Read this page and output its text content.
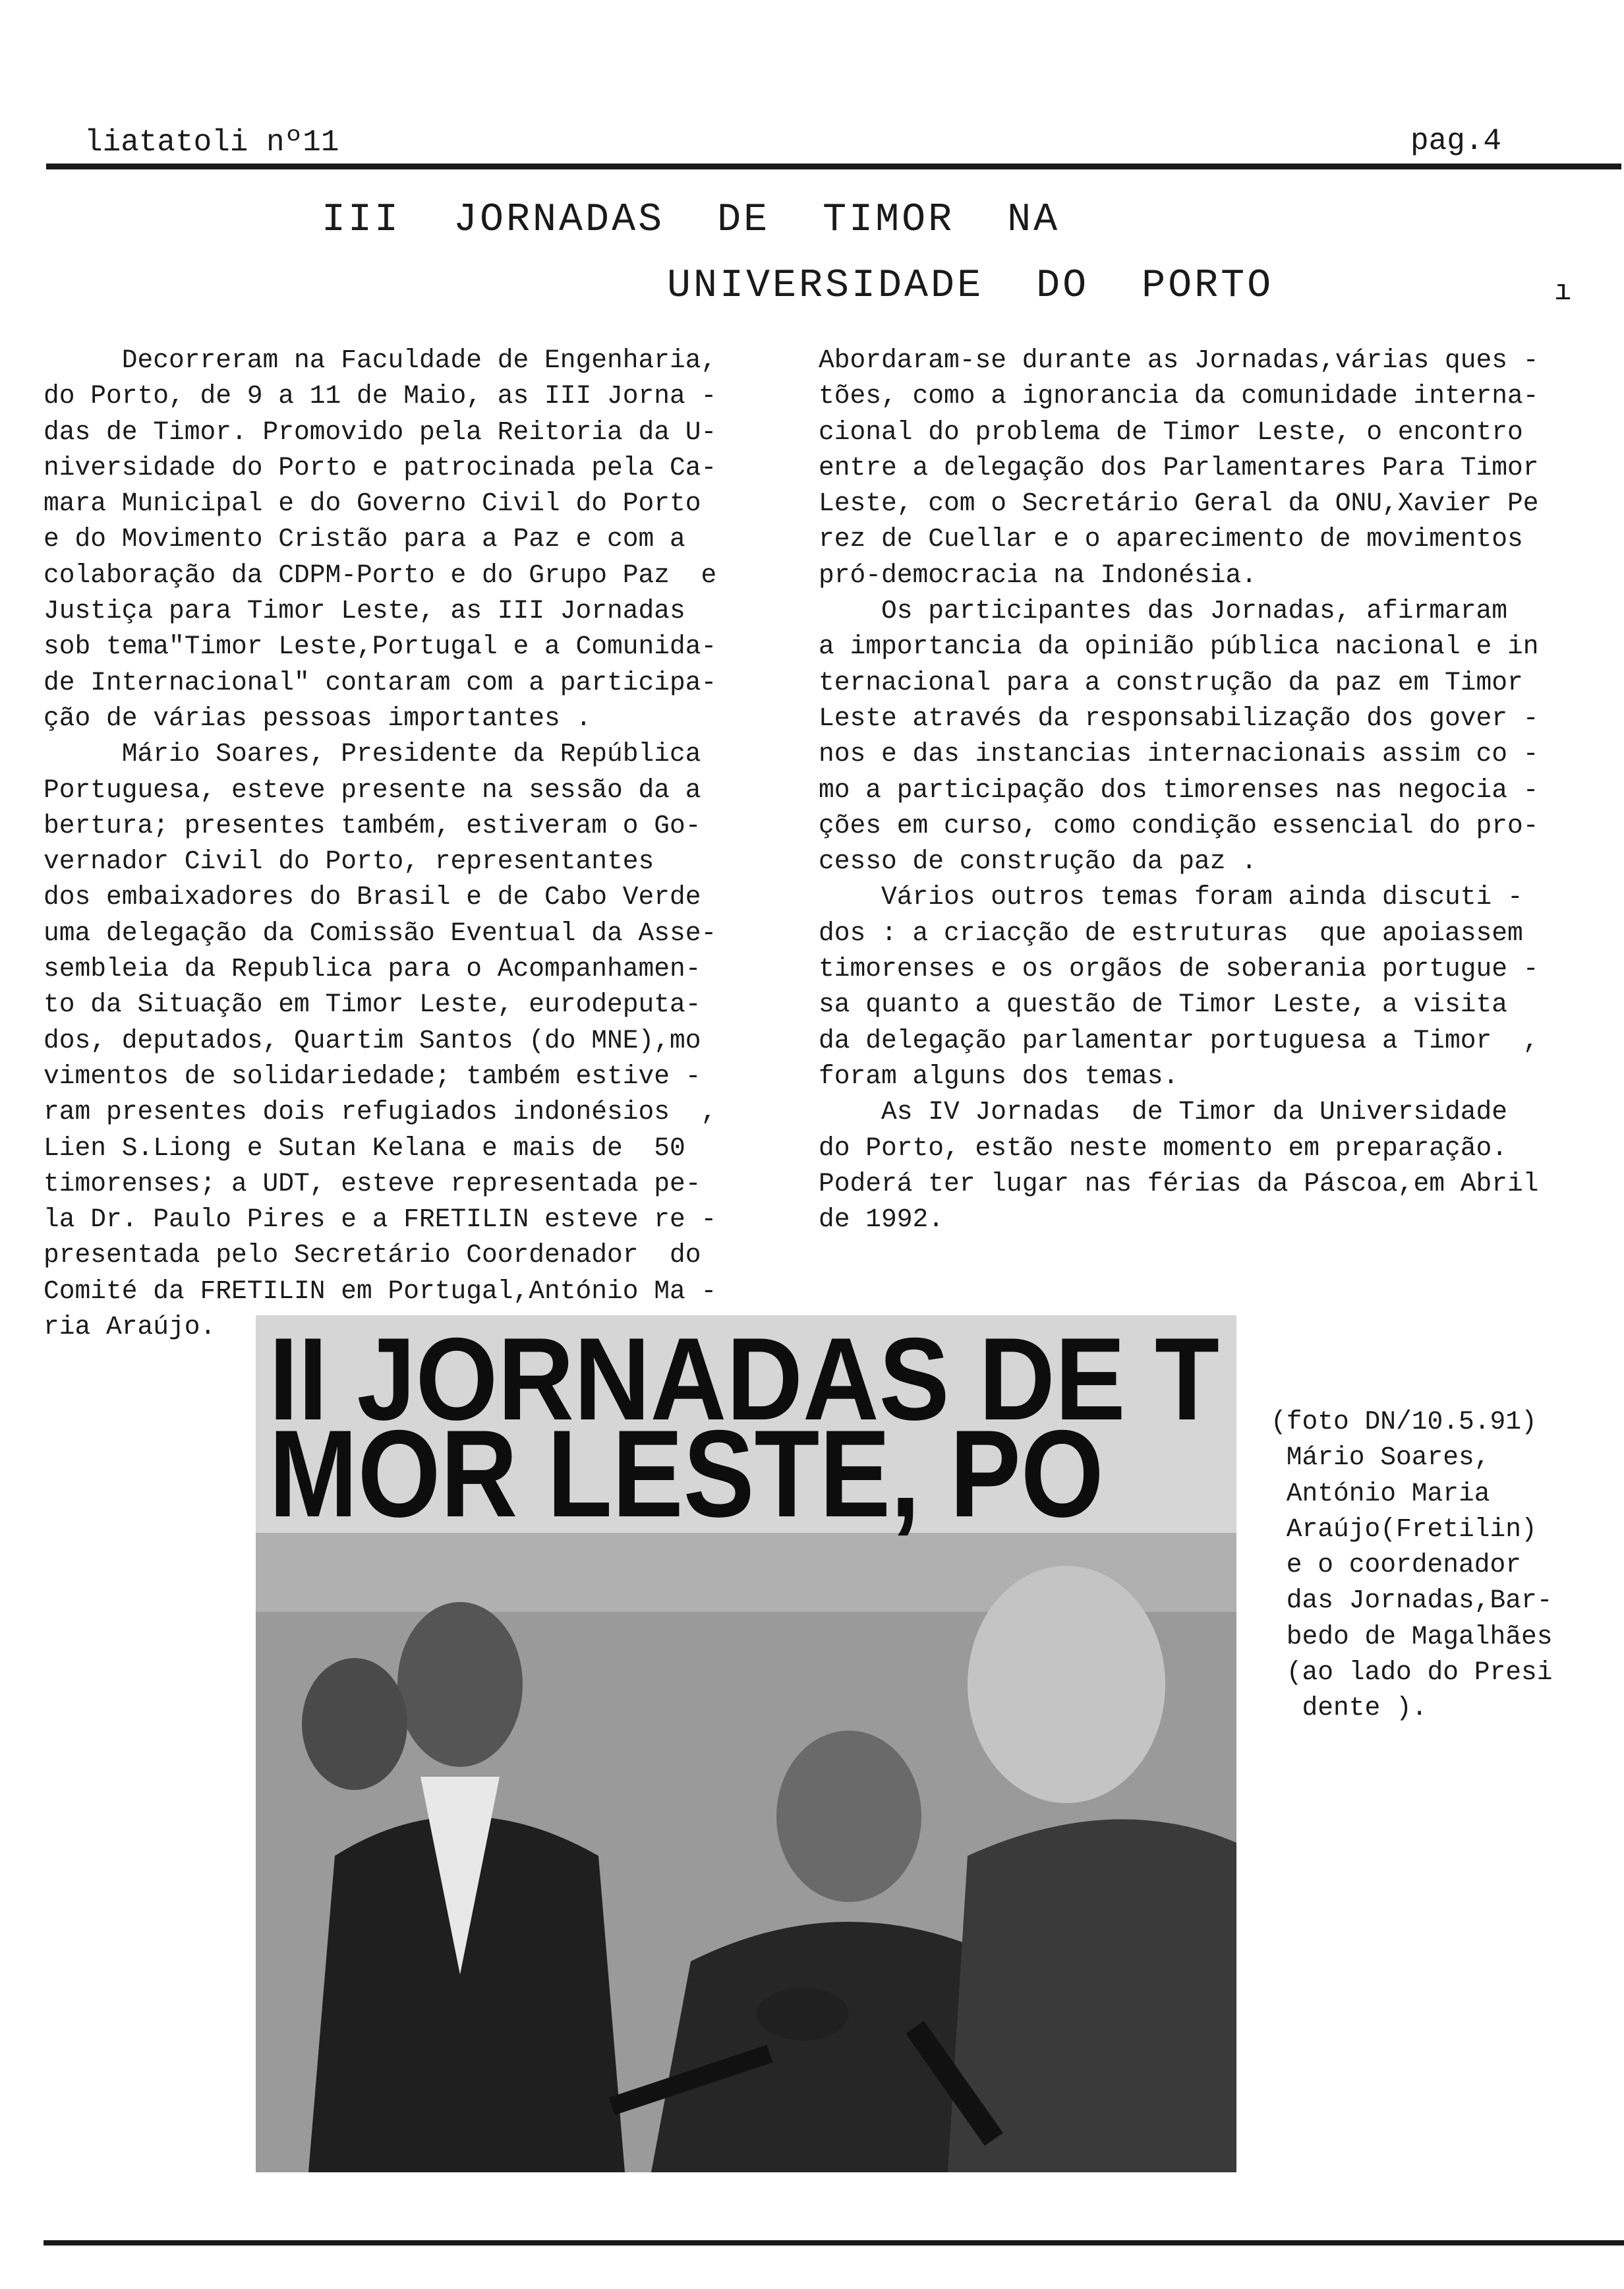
liatatoli nº11	pag.4
III  JORNADAS  DE  TIMOR  NA
UNIVERSIDADE  DO  PORTO	ı
Decorreram na Faculdade de Engenharia,
do Porto, de 9 a 11 de Maio, as III Jorna -
das de Timor. Promovido pela Reitoria da U-
niversidade do Porto e patrocinada pela Ca-
mara Municipal e do Governo Civil do Porto
e do Movimento Cristão para a Paz e com a
colaboração da CDPM-Porto e do Grupo Paz  e
Justiça para Timor Leste, as III Jornadas
sob tema"Timor Leste,Portugal e a Comunida-
de Internacional" contaram com a participa-
ção de várias pessoas importantes .
Mário Soares, Presidente da República
Portuguesa, esteve presente na sessão da a
bertura; presentes também, estiveram o Go-
vernador Civil do Porto, representantes
dos embaixadores do Brasil e de Cabo Verde
uma delegação da Comissão Eventual da Asse-
sembleia da Republica para o Acompanhamen-
to da Situação em Timor Leste, eurodeputa-
dos, deputados, Quartim Santos (do MNE),mo
vimentos de solidariedade; também estive -
ram presentes dois refugiados indonésios  ,
Lien S.Liong e Sutan Kelana e mais de  50
timorenses; a UDT, esteve representada pe-
la Dr. Paulo Pires e a FRETILIN esteve re -
presentada pelo Secretário Coordenador  do
Comité da FRETILIN em Portugal,António Ma -
ria Araújo.
Abordaram-se durante as Jornadas,várias ques -
tões, como a ignorancia da comunidade interna-
cional do problema de Timor Leste, o encontro
entre a delegação dos Parlamentares Para Timor
Leste, com o Secretário Geral da ONU,Xavier Pe
rez de Cuellar e o aparecimento de movimentos
pró-democracia na Indonésia.
Os participantes das Jornadas, afirmaram
a importancia da opinião pública nacional e in
ternacional para a construção da paz em Timor
Leste através da responsabilização dos gover -
nos e das instancias internacionais assim co -
mo a participação dos timorenses nas negocia -
ções em curso, como condição essencial do pro-
cesso de construção da paz .
Vários outros temas foram ainda discuti -
dos : a criacção de estruturas  que apoiassem
timorenses e os orgãos de soberania portugue -
sa quanto a questão de Timor Leste, a visita
da delegação parlamentar portuguesa a Timor  ,
foram alguns dos temas.
As IV Jornadas  de Timor da Universidade
do Porto, estão neste momento em preparação.
Poderá ter lugar nas férias da Páscoa,em Abril
de 1992.
II JORNADAS DE T
MOR LESTE, PO	(foto DN/10.5.91)
Mário Soares,
António Maria
Araújo(Fretilin)
e o coordenador
das Jornadas,Bar-
bedo de Magalhães
(ao lado do Presi
dente ).
